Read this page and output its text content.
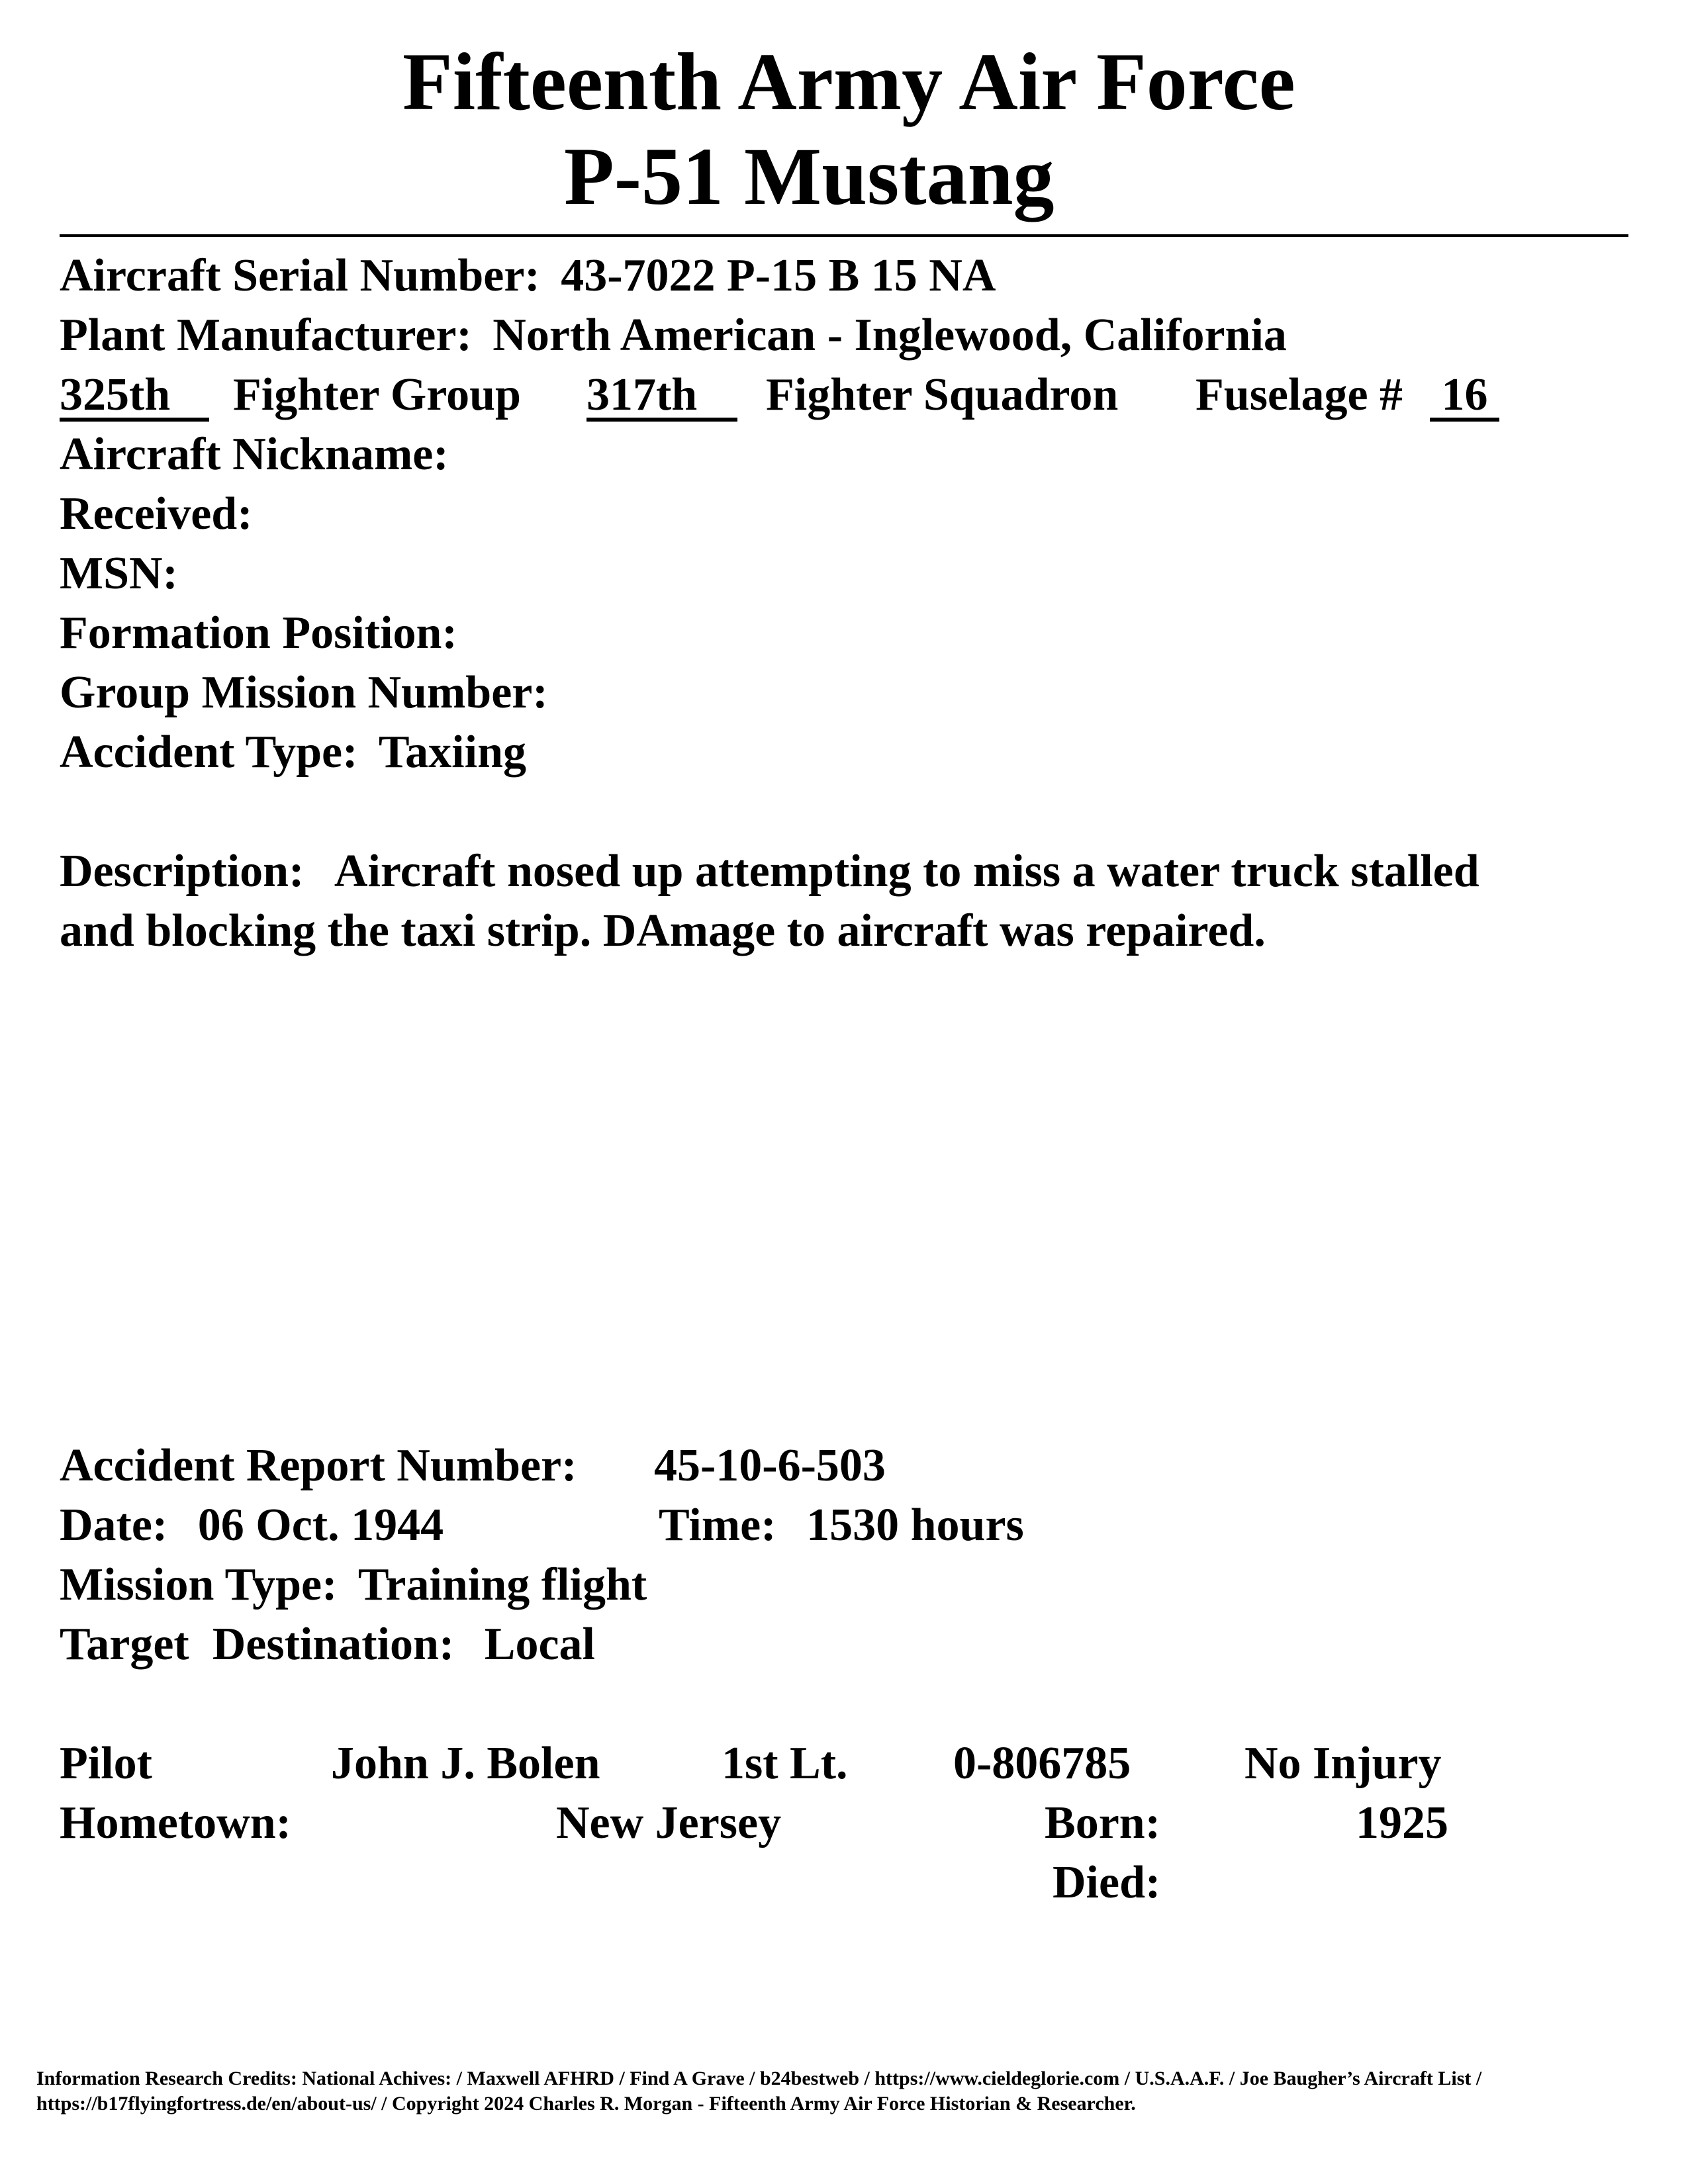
Fifteenth Army Air Force
P-51 Mustang
Aircraft Serial Number: 43-7022 P-15 B 15 NA
Plant Manufacturer: North American - Inglewood, California
325th	Fighter Group 317th	Fighter Squadron Fuselage # 16
Aircraft Nickname:
Received:
MSN:
Formation Position:
Group Mission Number:
Accident Type: Taxiing
Description: Aircraft nosed up attempting to miss a water truck stalled
and blocking the taxi strip. DAmage to aircraft was repaired.
Accident Report Number: 45-10-6-503
Date: 06 Oct. 1944	Time: 1530 hours
Mission Type: Training flight
Target  Destination: Local
Pilot	John J. Bolen	1st Lt. 0-806785 No Injury
Hometown:	New Jersey	Born:	1925
Died:
Information Research Credits: National Achives: / Maxwell AFHRD / Find A Grave / b24bestweb / https://www.cieldeglorie.com / U.S.A.A.F. / Joe Baugher’s Aircraft List /
https://b17flyingfortress.de/en/about-us/ / Copyright 2024 Charles R. Morgan - Fifteenth Army Air Force Historian & Researcher.
